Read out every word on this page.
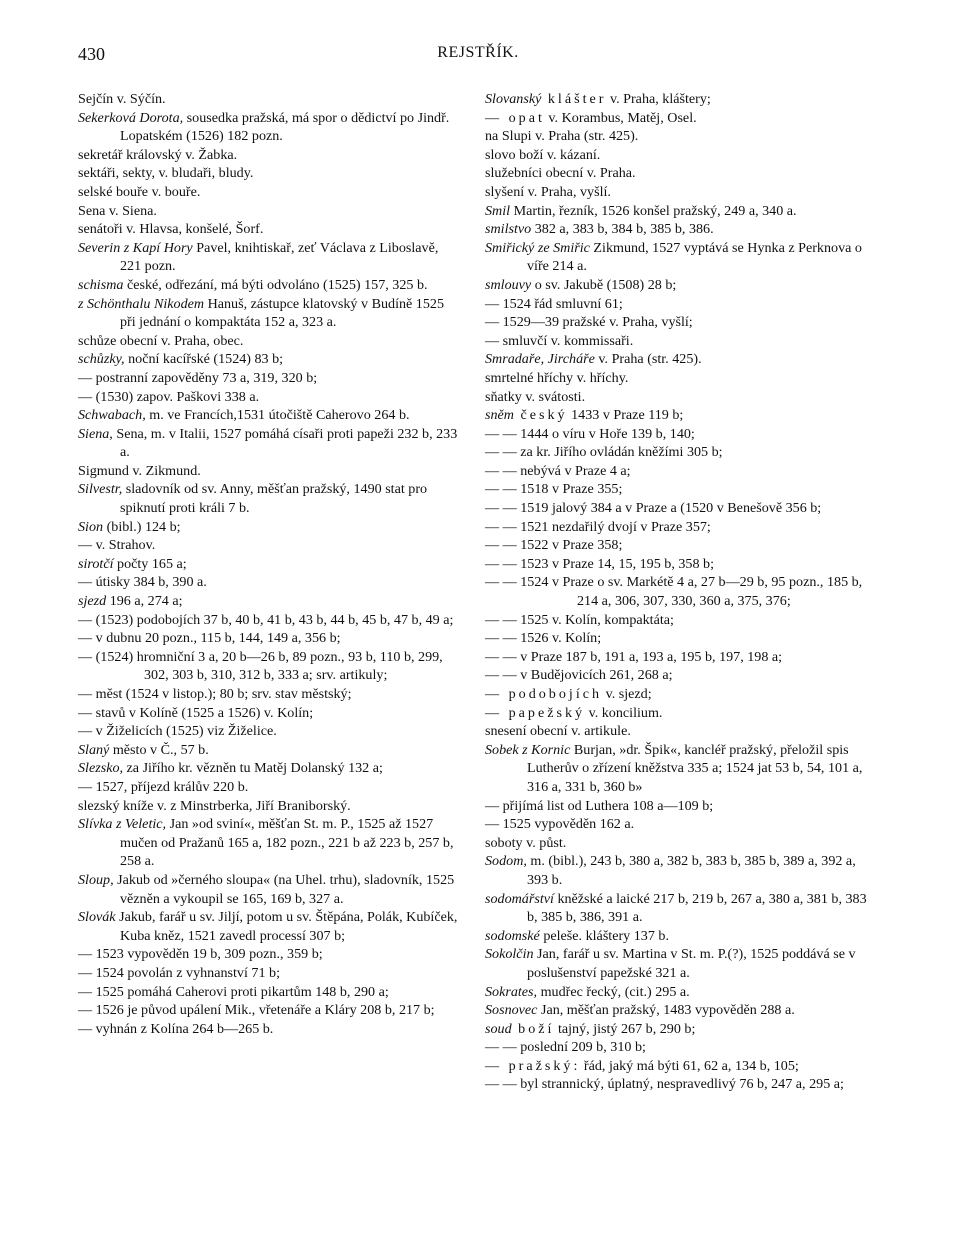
430	REJSTŘÍK.
Sejčín v. Sýčín.
Sekerková Dorota, sousedka pražská, má spor o dědictví po Jindř. Lopatském (1526) 182 pozn.
sekretář královský v. Žabka.
sektáři, sekty, v. bludaři, bludy.
selské bouře v. bouře.
Sena v. Siena.
senátoři v. Hlavsa, konšelé, Šorf.
Severin z Kapí Hory Pavel, knihtiskař, zeť Václava z Liboslavě, 221 pozn.
schisma české, odřezání, má býti odvoláno (1525) 157, 325 b.
z Schönthalu Nikodem Hanuš, zástupce klatovský v Budíně 1525 při jednání o kompaktáta 152 a, 323 a.
schůze obecní v. Praha, obec.
schůzky, noční kacířské (1524) 83 b;
— postranní zapověděny 73 a, 319, 320 b;
— (1530) zapov. Paškovi 338 a.
Schwabach, m. ve Francích,1531 útočiště Caherovo 264 b.
Siena, Sena, m. v Italii, 1527 pomáhá císaři proti papeži 232 b, 233 a.
Sigmund v. Zikmund.
Silvestr, sladovník od sv. Anny, měšťan pražský, 1490 stat pro spiknutí proti králi 7 b.
Sion (bibl.) 124 b;
— v. Strahov.
sirotčí počty 165 a;
— útisky 384 b, 390 a.
sjezd 196 a, 274 a;
— (1523) podobojích 37 b, 40 b, 41 b, 43 b, 44 b, 45 b, 47 b, 49 a;
— v dubnu 20 pozn., 115 b, 144, 149 a, 356 b;
— (1524) hromniční 3 a, 20 b—26 b, 89 pozn., 93 b, 110 b, 299, 302, 303 b, 310, 312 b, 333 a; srv. artikuly;
— měst (1524 v listop.); 80 b; srv. stav městský;
— stavů v Kolíně (1525 a 1526) v. Kolín;
— v Žiželicích (1525) viz Žiželice.
Slaný město v Č., 57 b.
Slezsko, za Jiřího kr. vězněn tu Matěj Dolanský 132 a;
— 1527, příjezd králův 220 b.
slezský kníže v. z Minstrberka, Jiří Braniborský.
Slívka z Veletic, Jan »od sviní«, měšťan St. m. P., 1525 až 1527 mučen od Pražanů 165 a, 182 pozn., 221 b až 223 b, 257 b, 258 a.
Sloup, Jakub od »černého sloupa« (na Uhel. trhu), sladovník, 1525 vězněn a vykoupil se 165, 169 b, 327 a.
Slovák Jakub, farář u sv. Jiljí, potom u sv. Štěpána, Polák, Kubíček, Kuba kněz, 1521 zavedl processí 307 b;
— 1523 vypověděn 19 b, 309 pozn., 359 b;
— 1524 povolán z vyhnanství 71 b;
— 1525 pomáhá Caherovi proti pikartům 148 b, 290 a;
— 1526 je původ upálení Mik., vřetenáře a Kláry 208 b, 217 b;
— vyhnán z Kolína 264 b—265 b.
Slovanský klášter v. Praha, kláštery;
— opat v. Korambus, Matěj, Osel.
na Slupi v. Praha (str. 425).
slovo boží v. kázaní.
služebníci obecní v. Praha.
slyšení v. Praha, vyšlí.
Smil Martin, řezník, 1526 konšel pražský, 249 a, 340 a.
smilstvo 382 a, 383 b, 384 b, 385 b, 386.
Smiřický ze Smiřic Zikmund, 1527 vyptává se Hynka z Perknova o víře 214 a.
smlouvy o sv. Jakubě (1508) 28 b;
— 1524 řád smluvní 61;
— 1529—39 pražské v. Praha, vyšlí;
— smluvčí v. kommissaři.
Smradaře, Jircháře v. Praha (str. 425).
smrtelné hříchy v. hříchy.
sňatky v. svátosti.
sněm český 1433 v Praze 119 b;
— — 1444 o víru v Hoře 139 b, 140;
— — za kr. Jiřího ovládán kněžími 305 b;
— — nebývá v Praze 4 a;
— — 1518 v Praze 355;
— — 1519 jalový 384 a v Praze a (1520 v Benešově 356 b;
— — 1521 nezdařilý dvojí v Praze 357;
— — 1522 v Praze 358;
— — 1523 v Praze 14, 15, 195 b, 358 b;
— — 1524 v Praze o sv. Markétě 4 a, 27 b—29 b, 95 pozn., 185 b, 214 a, 306, 307, 330, 360 a, 375, 376;
— — 1525 v. Kolín, kompaktáta;
— — 1526 v. Kolín;
— — v Praze 187 b, 191 a, 193 a, 195 b, 197, 198 a;
— — v Budějovicích 261, 268 a;
— podobojích v. sjezd;
— papežský v. koncilium.
snesení obecní v. artikule.
Sobek z Kornic Burjan, »dr. Špik«, kancléř pražský, přeložil spis Lutherův o zřízení kněžstva 335 a; 1524 jat 53 b, 54, 101 a, 316 a, 331 b, 360 b»
— přijímá list od Luthera 108 a—109 b;
— 1525 vypověděn 162 a.
soboty v. půst.
Sodom, m. (bibl.), 243 b, 380 a, 382 b, 383 b, 385 b, 389 a, 392 a, 393 b.
sodomářství kněžské a laické 217 b, 219 b, 267 a, 380 a, 381 b, 383 b, 385 b, 386, 391 a.
sodomské peleše. kláštery 137 b.
Sokolčin Jan, farář u sv. Martina v St. m. P.(?), 1525 poddává se v poslušenství papežské 321 a.
Sokrates, mudřec řecký, (cit.) 295 a.
Sosnovec Jan, měšťan pražský, 1483 vypověděn 288 a.
soud boží tajný, jistý 267 b, 290 b;
— — poslední 209 b, 310 b;
— pražský: řád, jaký má býti 61, 62 a, 134 b, 105;
— — byl strannický, úplatný, nespravedlivý 76 b, 247 a, 295 a;
